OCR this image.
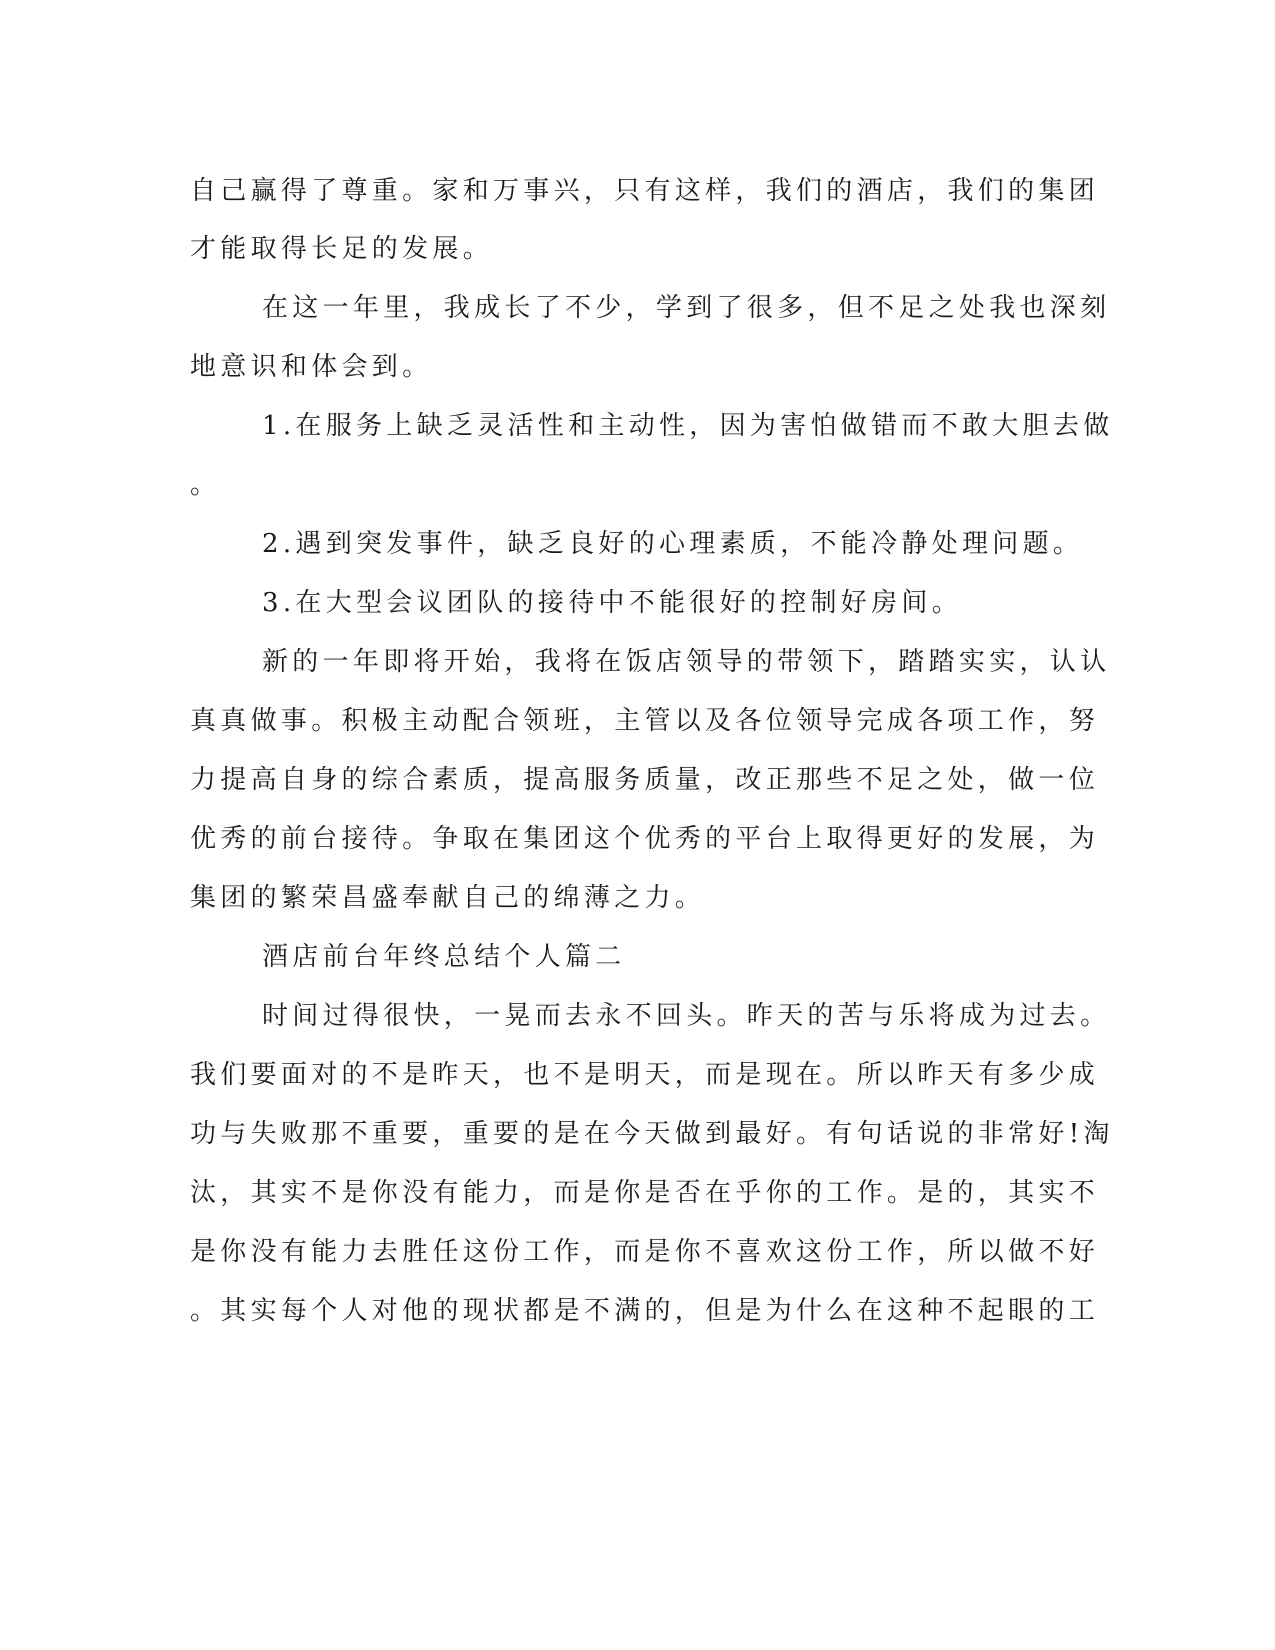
自己赢得了尊重。家和万事兴，只有这样，我们的酒店，我们的集团
才能取得长足的发展。
在这一年里，我成长了不少，学到了很多，但不足之处我也深刻
地意识和体会到。
1.在服务上缺乏灵活性和主动性，因为害怕做错而不敢大胆去做
。
2.遇到突发事件，缺乏良好的心理素质，不能冷静处理问题。
3.在大型会议团队的接待中不能很好的控制好房间。
新的一年即将开始，我将在饭店领导的带领下，踏踏实实，认认
真真做事。积极主动配合领班，主管以及各位领导完成各项工作，努
力提高自身的综合素质，提高服务质量，改正那些不足之处，做一位
优秀的前台接待。争取在集团这个优秀的平台上取得更好的发展，为
集团的繁荣昌盛奉献自己的绵薄之力。
酒店前台年终总结个人篇二
时间过得很快，一晃而去永不回头。昨天的苦与乐将成为过去。
我们要面对的不是昨天，也不是明天，而是现在。所以昨天有多少成
功与失败那不重要，重要的是在今天做到最好。有句话说的非常好!淘
汰，其实不是你没有能力，而是你是否在乎你的工作。是的，其实不
是你没有能力去胜任这份工作，而是你不喜欢这份工作，所以做不好
。其实每个人对他的现状都是不满的，但是为什么在这种不起眼的工
